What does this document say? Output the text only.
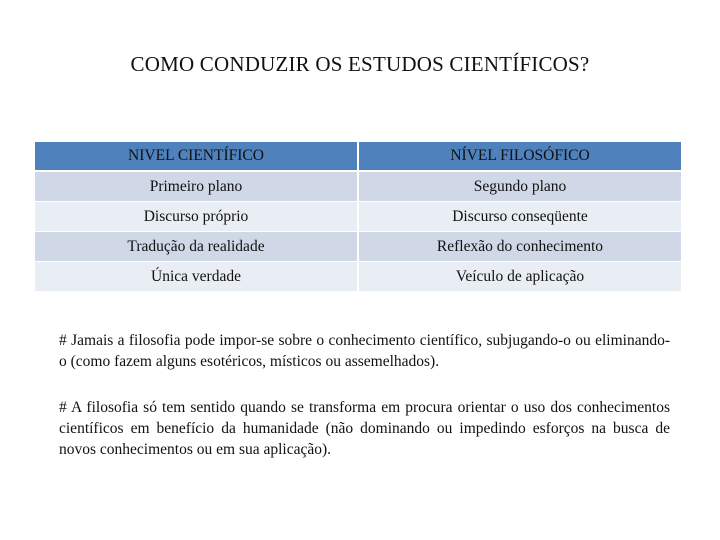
COMO CONDUZIR OS ESTUDOS CIENTÍFICOS?
NIVEL CIENTÍFICO	NÍVEL FILOSÓFICO
Primeiro plano	Segundo plano
Discurso próprio	Discurso conseqüente
Tradução da realidade	Reflexão do conhecimento
Única verdade	Veículo de aplicação

# Jamais a filosofia pode impor-se sobre o conhecimento científico, subjugando-o ou eliminando-o (como fazem alguns esotéricos, místicos ou assemelhados).

# A filosofia só tem sentido quando se transforma em procura orientar o uso dos conhecimentos científicos em benefício da humanidade (não dominando ou impedindo esforços na busca de novos conhecimentos ou em sua aplicação).
